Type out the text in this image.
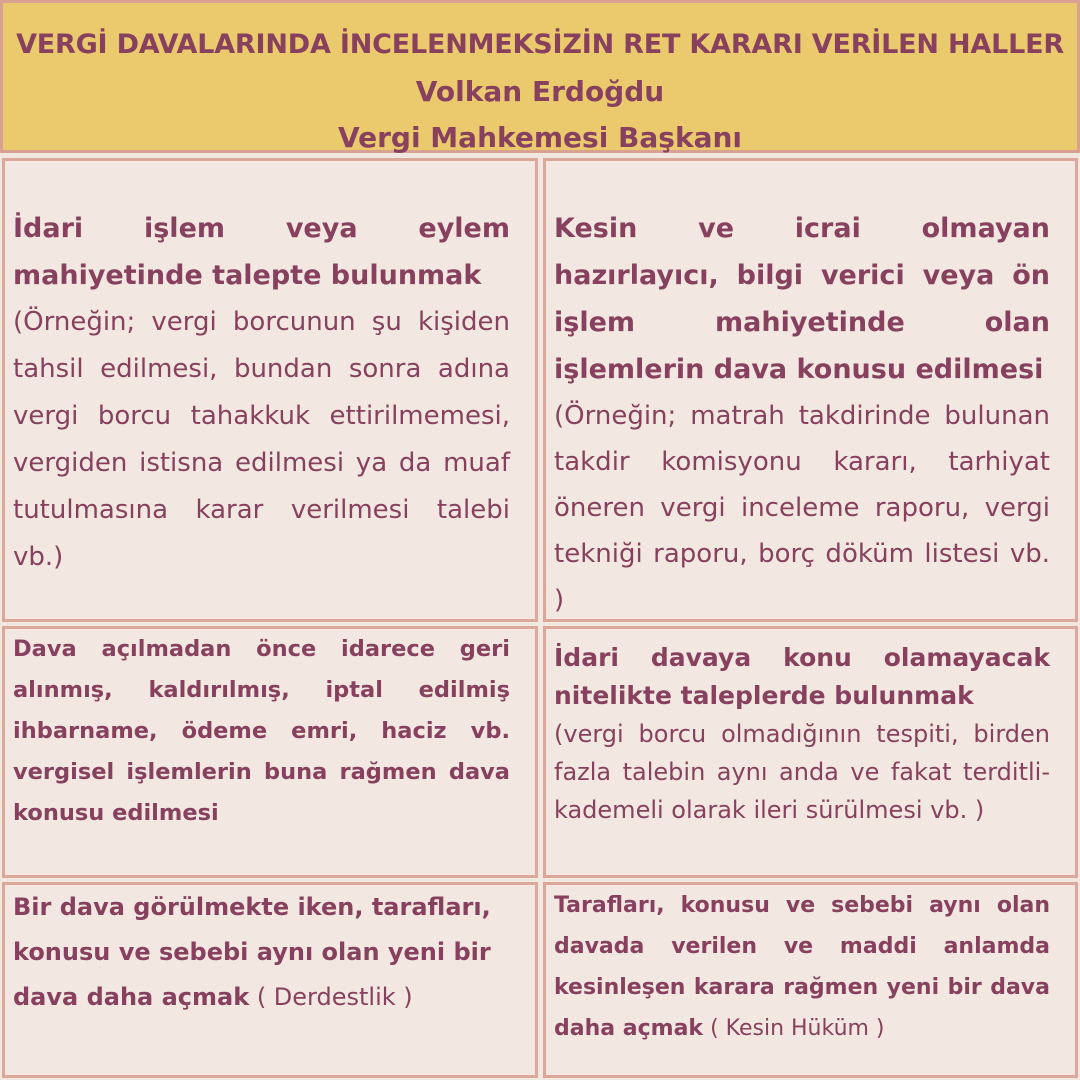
VERGİ DAVALARINDA İNCELENMEKSİZİN RET KARARI VERİLEN HALLER
Volkan Erdoğdu
Vergi Mahkemesi Başkanı

İdari işlem veya eylem mahiyetinde talepte bulunmak

(Örneğin; vergi borcunun şu kişiden tahsil edilmesi, bundan sonra adına vergi borcu tahakkuk ettirilmemesi, vergiden istisna edilmesi ya da muaf tutulmasına karar verilmesi talebi vb.)

Kesin ve icrai olmayan hazırlayıcı, bilgi verici veya ön işlem mahiyetinde olan işlemlerin dava konusu edilmesi

(Örneğin; matrah takdirinde bulunan takdir komisyonu kararı, tarhiyat öneren vergi inceleme raporu, vergi tekniği raporu, borç döküm listesi vb. )

Dava açılmadan önce idarece geri alınmış, kaldırılmış, iptal edilmiş ihbarname, ödeme emri, haciz vb. vergisel işlemlerin buna rağmen dava konusu edilmesi

İdari davaya konu olamayacak nitelikte taleplerde bulunmak

(vergi borcu olmadığının tespiti, birden fazla talebin aynı anda ve fakat terditli-kademeli olarak ileri sürülmesi vb. )

Bir dava görülmekte iken, tarafları, konusu ve sebebi aynı olan yeni bir dava daha açmak ( Derdestlik )

Tarafları, konusu ve sebebi aynı olan davada verilen ve maddi anlamda kesinleşen karara rağmen yeni bir dava daha açmak ( Kesin Hüküm )
